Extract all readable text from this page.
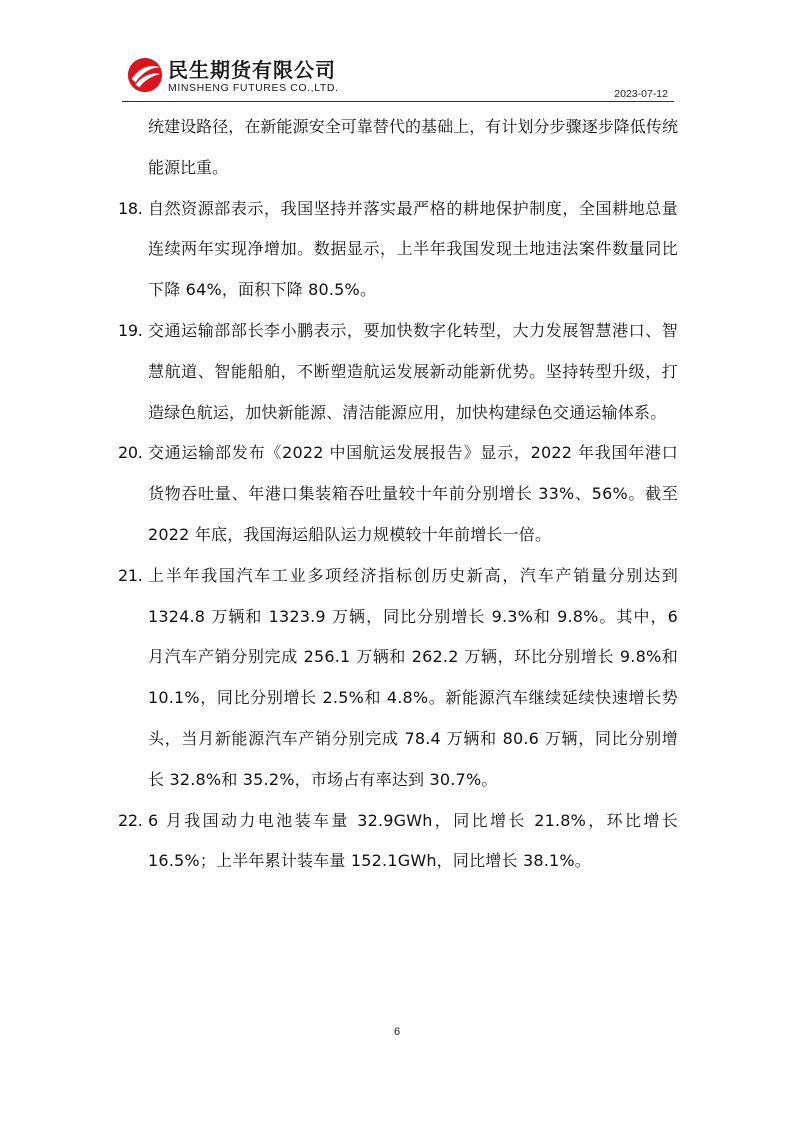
民生期货有限公司
MINSHENG FUTURES CO.,LTD.	2023-07-12
统建设路径，在新能源安全可靠替代的基础上，有计划分步骤逐步降低传统能源比重。
18. 自然资源部表示，我国坚持并落实最严格的耕地保护制度，全国耕地总量连续两年实现净增加。数据显示，上半年我国发现土地违法案件数量同比下降 64%，面积下降 80.5%。
19. 交通运输部部长李小鹏表示，要加快数字化转型，大力发展智慧港口、智慧航道、智能船舶，不断塑造航运发展新动能新优势。坚持转型升级，打造绿色航运，加快新能源、清洁能源应用，加快构建绿色交通运输体系。
20. 交通运输部发布《2022 中国航运发展报告》显示，2022 年我国年港口货物吞吐量、年港口集装箱吞吐量较十年前分别增长 33%、56%。截至 2022 年底，我国海运船队运力规模较十年前增长一倍。
21. 上半年我国汽车工业多项经济指标创历史新高，汽车产销量分别达到 1324.8 万辆和 1323.9 万辆，同比分别增长 9.3%和 9.8%。其中，6 月汽车产销分别完成 256.1 万辆和 262.2 万辆，环比分别增长 9.8%和 10.1%，同比分别增长 2.5%和 4.8%。新能源汽车继续延续快速增长势头，当月新能源汽车产销分别完成 78.4 万辆和 80.6 万辆，同比分别增长 32.8%和 35.2%，市场占有率达到 30.7%。
22. 6 月我国动力电池装车量 32.9GWh，同比增长 21.8%，环比增长 16.5%；上半年累计装车量 152.1GWh，同比增长 38.1%。
6
